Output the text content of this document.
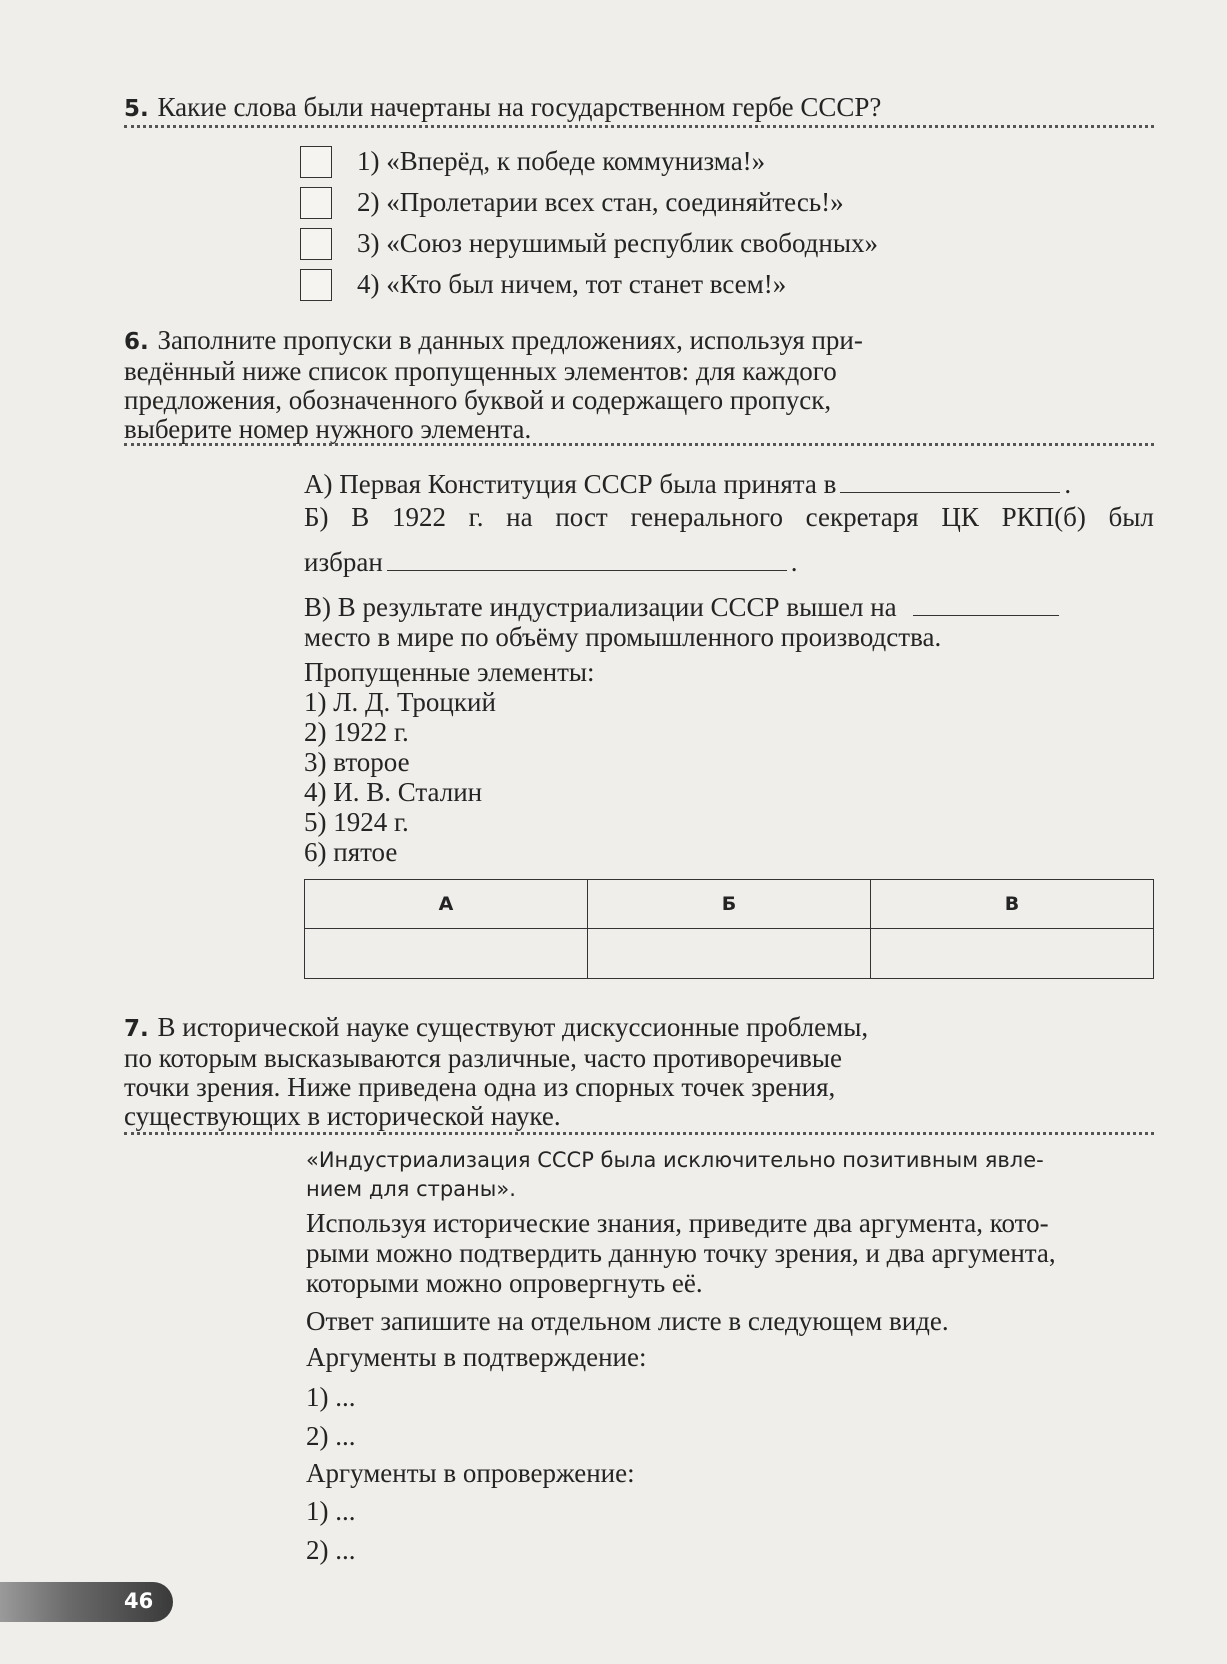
5. Какие слова были начертаны на государственном гербе СССР?
1) «Вперёд, к победе коммунизма!»
2) «Пролетарии всех стан, соединяйтесь!»
3) «Союз нерушимый республик свободных»
4) «Кто был ничем, тот станет всем!»
6. Заполните пропуски в данных предложениях, используя при-
ведённый ниже список пропущенных элементов: для каждого
предложения, обозначенного буквой и содержащего пропуск,
выберите номер нужного элемента.
А) Первая Конституция СССР была принята в	.
Б) В 1922 г. на пост генерального секретаря ЦК РКП(б) был
избран	.
В) В результате индустриализации СССР вышел на
место в мире по объёму промышленного производства.
Пропущенные элементы:
1) Л. Д. Троцкий
2) 1922 г.
3) второе
4) И. В. Сталин
5) 1924 г.
6) пятое
А	Б	В

7. В исторической науке существуют дискуссионные проблемы,
по которым высказываются различные, часто противоречивые
точки зрения. Ниже приведена одна из спорных точек зрения,
существующих в исторической науке.
«Индустриализация СССР была исключительно позитивным явле-
нием для страны».
Используя исторические знания, приведите два аргумента, кото-
рыми можно подтвердить данную точку зрения, и два аргумента,
которыми можно опровергнуть её.
Ответ запишите на отдельном листе в следующем виде.
Аргументы в подтверждение:
1) ...
2) ...
Аргументы в опровержение:
1) ...
2) ...
46
